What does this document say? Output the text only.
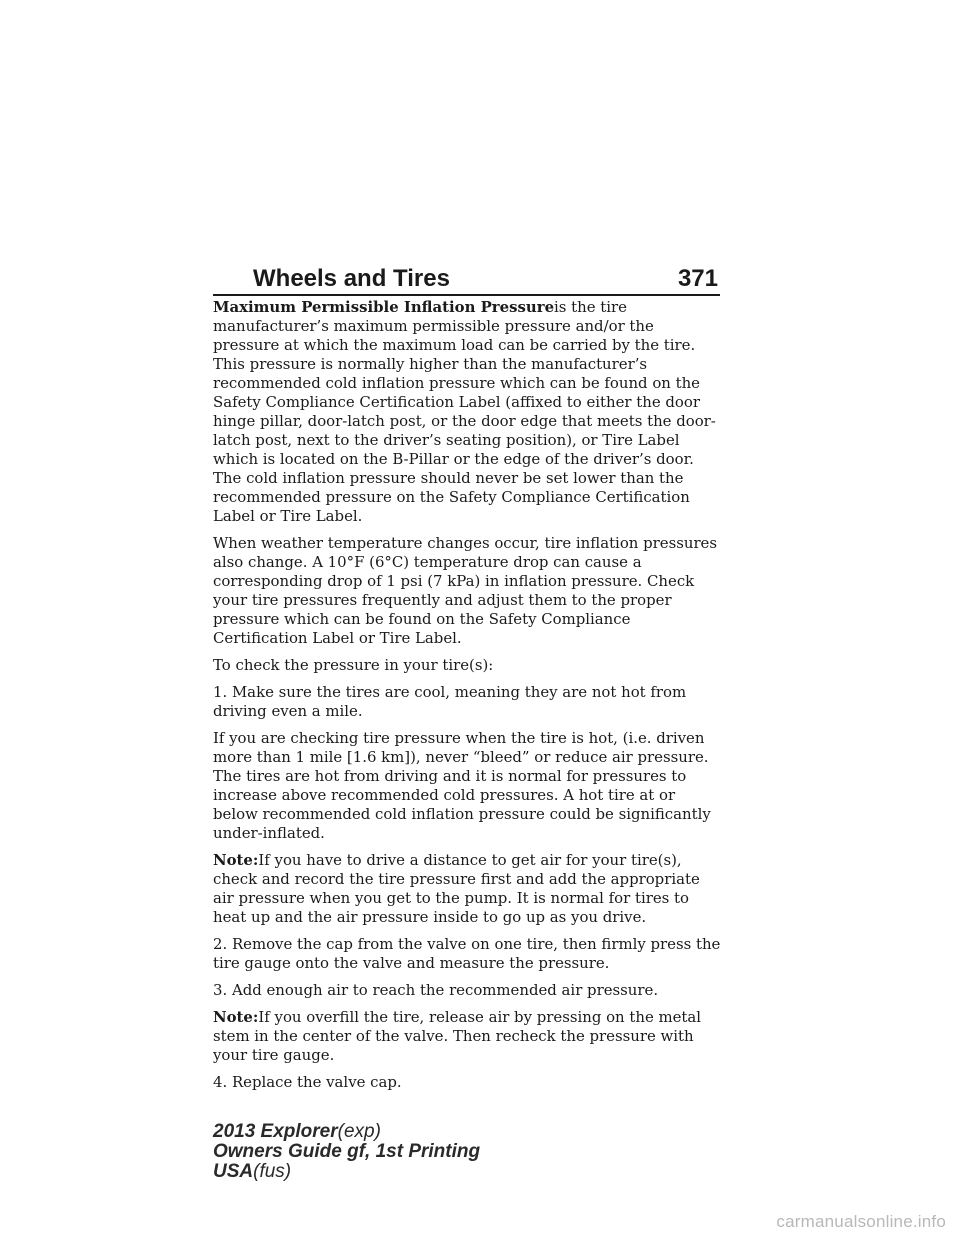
Wheels and Tires	371

Maximum Permissible Inflation Pressureis the tire manufacturer’s maximum permissible pressure and/or the pressure at which the maximum load can be carried by the tire. This pressure is normally higher than the manufacturer’s recommended cold inflation pressure which can be found on the Safety Compliance Certification Label (affixed to either the door hinge pillar, door-latch post, or the door edge that meets the door-latch post, next to the driver’s seating position), or Tire Label which is located on the B-Pillar or the edge of the driver’s door. The cold inflation pressure should never be set lower than the recommended pressure on the Safety Compliance Certification Label or Tire Label.

When weather temperature changes occur, tire inflation pressures also change. A 10°F (6°C) temperature drop can cause a corresponding drop of 1 psi (7 kPa) in inflation pressure. Check your tire pressures frequently and adjust them to the proper pressure which can be found on the Safety Compliance Certification Label or Tire Label.

To check the pressure in your tire(s):

1. Make sure the tires are cool, meaning they are not hot from driving even a mile.

If you are checking tire pressure when the tire is hot, (i.e. driven more than 1 mile [1.6 km]), never “bleed” or reduce air pressure. The tires are hot from driving and it is normal for pressures to increase above recommended cold pressures. A hot tire at or below recommended cold inflation pressure could be significantly under-inflated.

Note:If you have to drive a distance to get air for your tire(s), check and record the tire pressure first and add the appropriate air pressure when you get to the pump. It is normal for tires to heat up and the air pressure inside to go up as you drive.

2. Remove the cap from the valve on one tire, then firmly press the tire gauge onto the valve and measure the pressure.

3. Add enough air to reach the recommended air pressure.

Note:If you overfill the tire, release air by pressing on the metal stem in the center of the valve. Then recheck the pressure with your tire gauge.

4. Replace the valve cap.

2013 Explorer(exp)
Owners Guide gf, 1st Printing
USA(fus)
carmanualsonline.info
